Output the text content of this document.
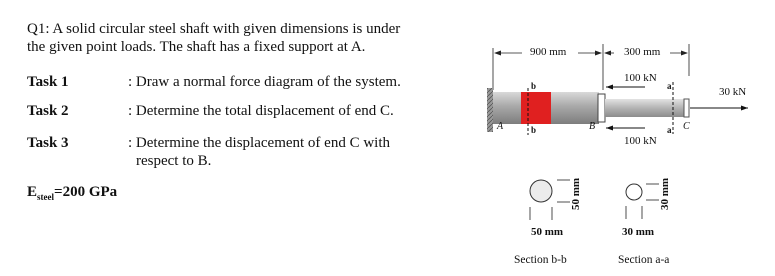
Q1: A solid circular steel shaft with given dimensions is under
the given point loads. The shaft has a fixed support at A.
Task 1	: Draw a normal force diagram of the system.
Task 2	: Determine the total displacement of end C.
Task 3	: Determine the displacement of end C with
respect to B.
$E_{steel}=200$ GPa
900 mm	300 mm
100 kN
100 kN
30 kN
A	B	C
b
b
a
a
50 mm
50 mm
30 mm
30 mm
Section b-b	Section a-a
